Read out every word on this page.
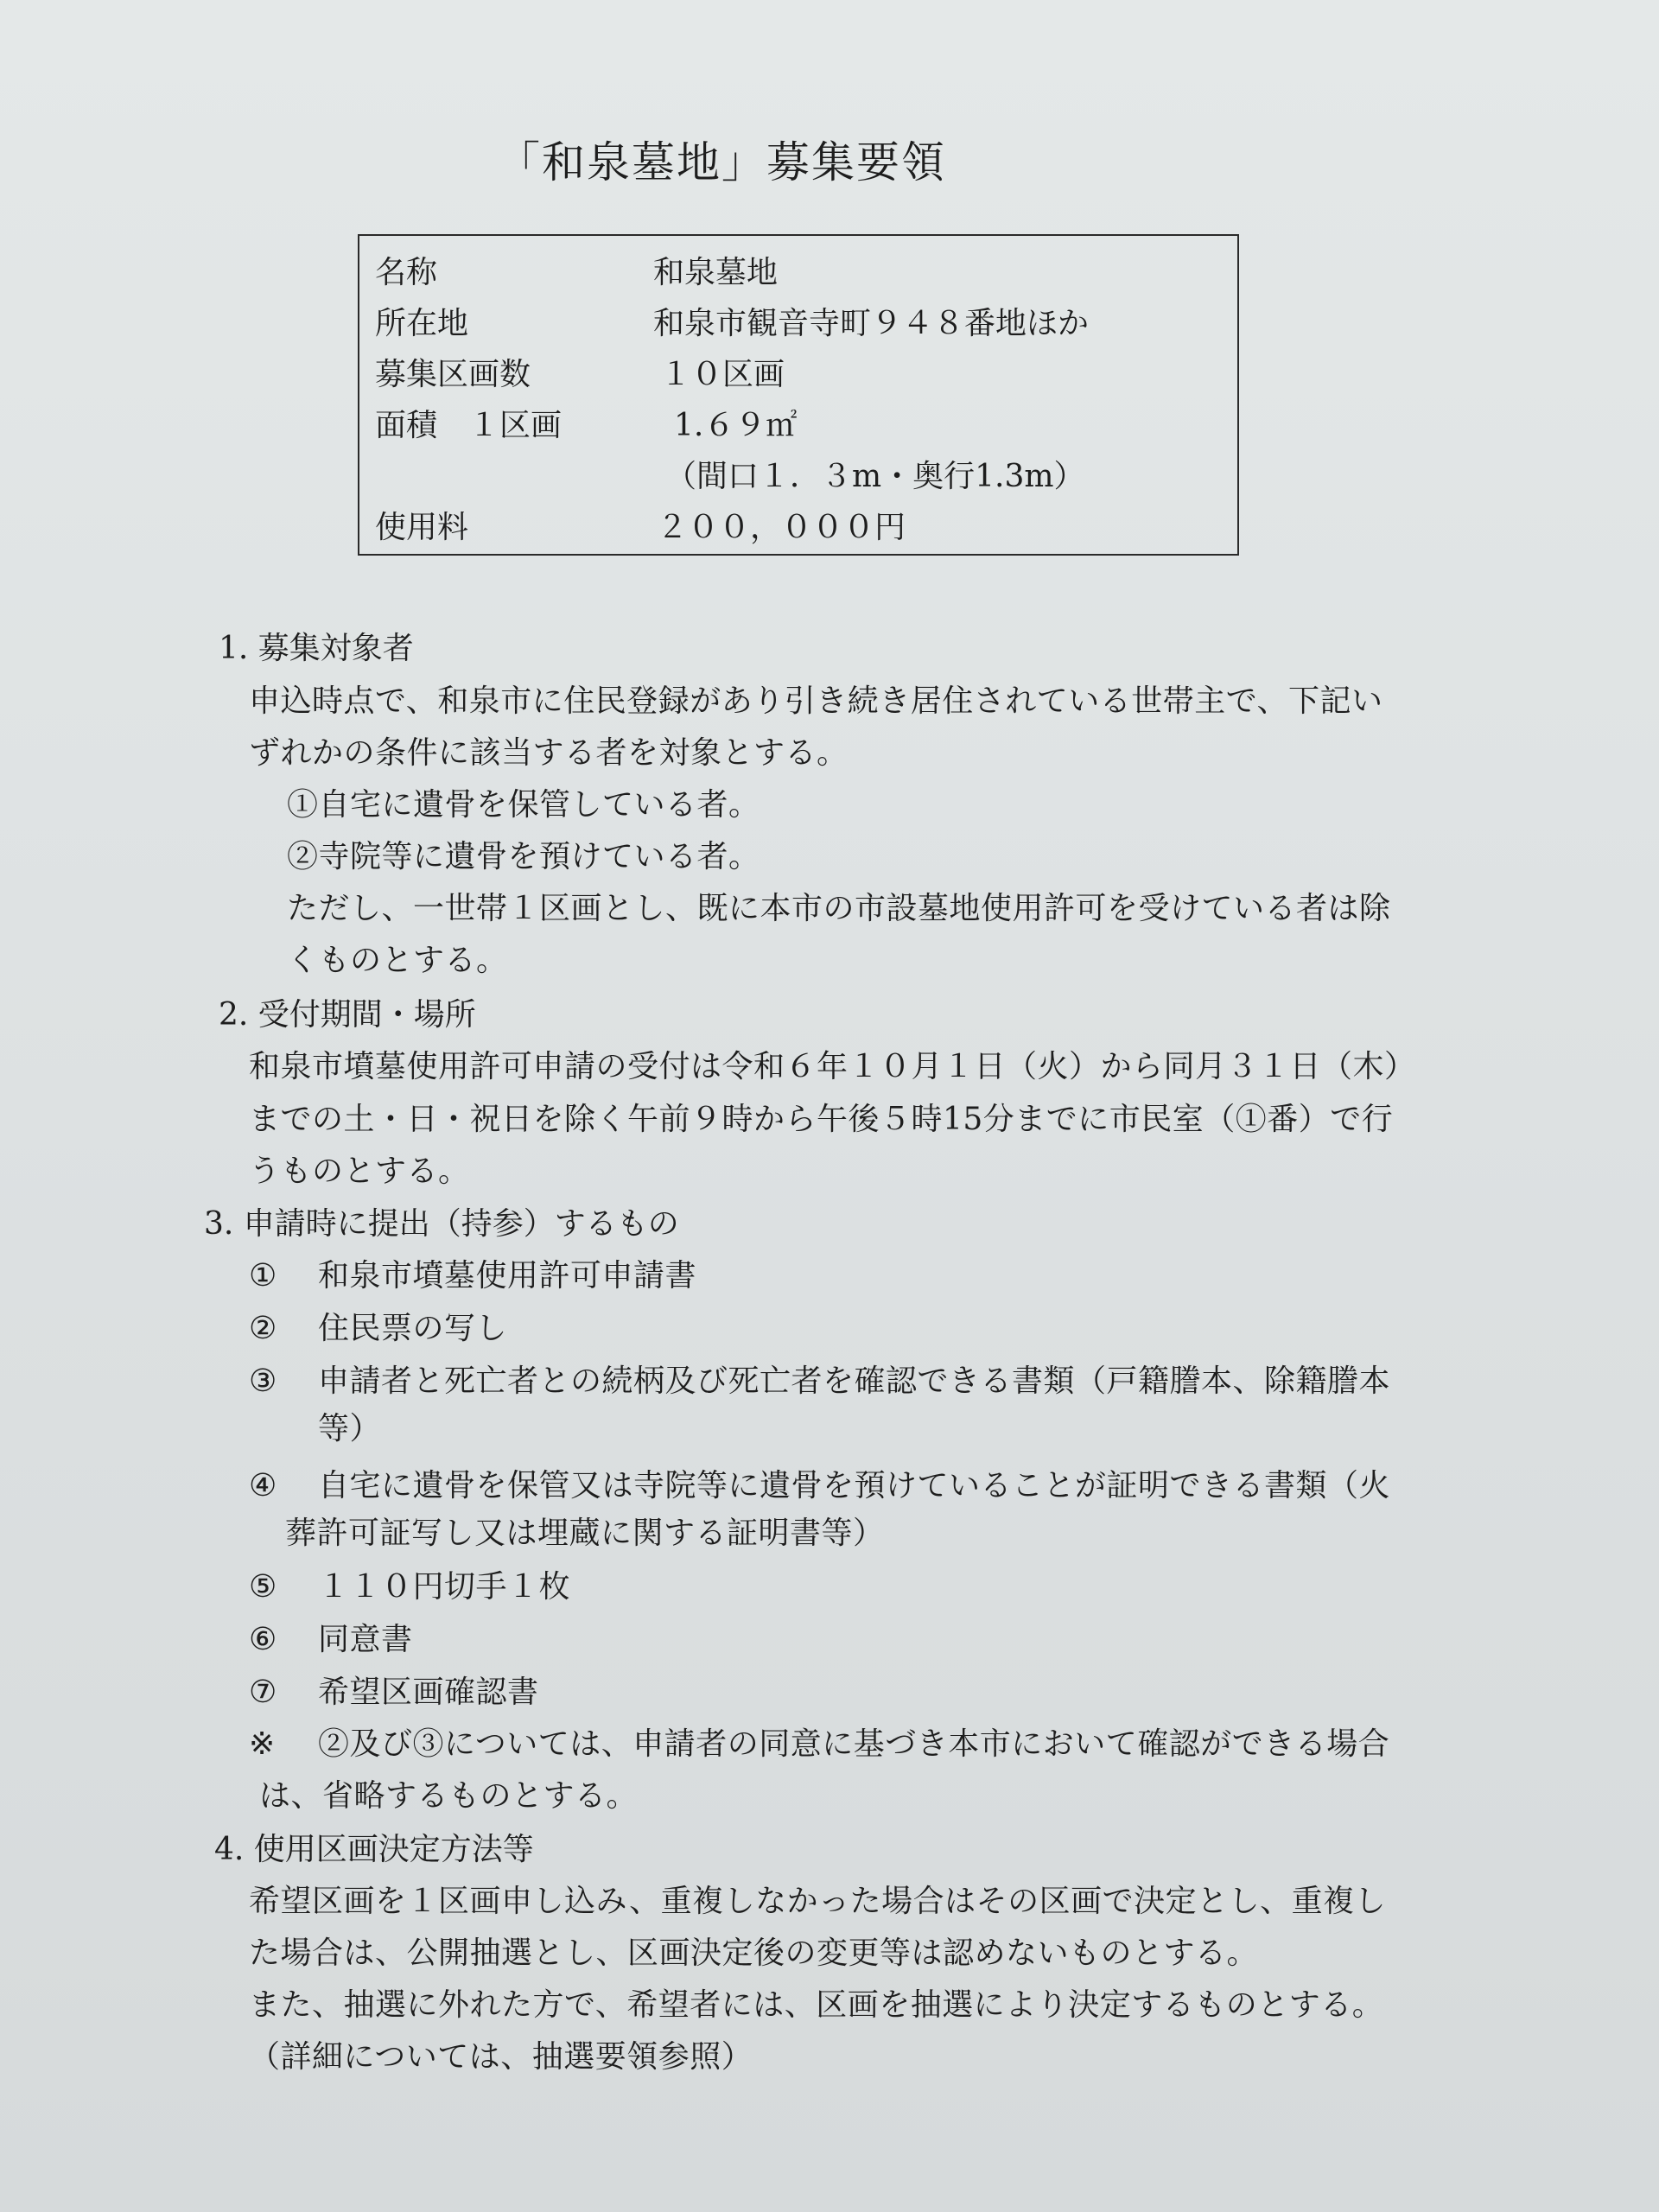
「和泉墓地」募集要領
名称	和泉墓地
所在地	和泉市観音寺町９４８番地ほか
募集区画数	１０区画
面積　１区画	1.６９㎡
（間口１．３m・奥行1.3m）
使用料	２００，０００円
1. 募集対象者
申込時点で、和泉市に住民登録があり引き続き居住されている世帯主で、下記い
ずれかの条件に該当する者を対象とする。
①自宅に遺骨を保管している者。
②寺院等に遺骨を預けている者。
ただし、一世帯１区画とし、既に本市の市設墓地使用許可を受けている者は除
くものとする。
2. 受付期間・場所
和泉市墳墓使用許可申請の受付は令和６年１０月１日（火）から同月３１日（木）
までの土・日・祝日を除く午前９時から午後５時15分までに市民室（①番）で行
うものとする。
3. 申請時に提出（持参）するもの
① 和泉市墳墓使用許可申請書
② 住民票の写し
③ 申請者と死亡者との続柄及び死亡者を確認できる書類（戸籍謄本、除籍謄本
等）
④ 自宅に遺骨を保管又は寺院等に遺骨を預けていることが証明できる書類（火
葬許可証写し又は埋蔵に関する証明書等）
⑤ １１０円切手１枚
⑥ 同意書
⑦ 希望区画確認書
※ ②及び③については、申請者の同意に基づき本市において確認ができる場合
は、省略するものとする。
4. 使用区画決定方法等
希望区画を１区画申し込み、重複しなかった場合はその区画で決定とし、重複し
た場合は、公開抽選とし、区画決定後の変更等は認めないものとする。
また、抽選に外れた方で、希望者には、区画を抽選により決定するものとする。
（詳細については、抽選要領参照）
